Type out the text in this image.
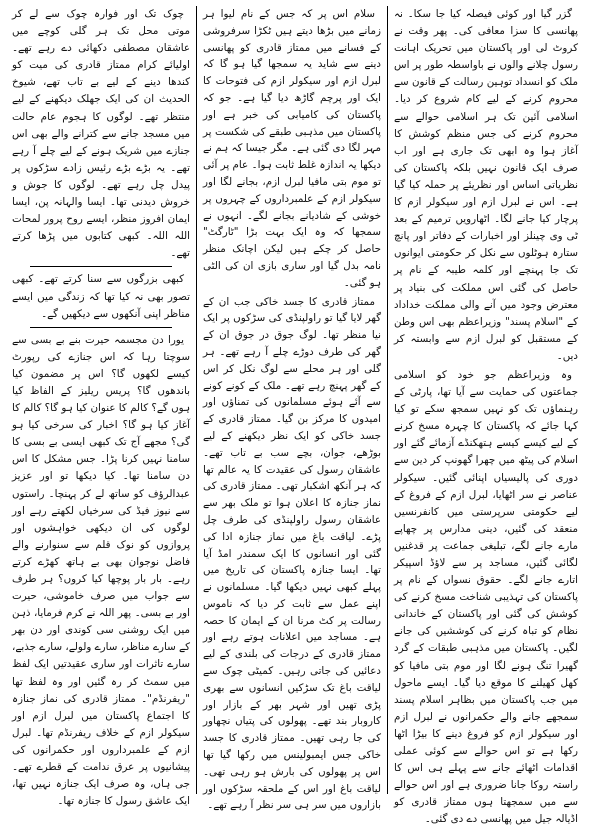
گزر گیا اور کوئی فیصلہ کیا جا سکا۔ نہ پھانسی کا سزا معافی کی۔ پھر وقت نے کروٹ لی اور پاکستان میں تحریک اہانت رسول چلانے والوں نے باواسطہ طور پر اس ملک کو انسداد توہین رسالت کے قانون سے محروم کرنے کے لیے کام شروع کر دیا۔ اسلامی آئین تک ہر اسلامی حوالے سے محروم کرنے کی جس منظم کوشش کا آغاز ہوا وہ ابھی تک جاری ہے اور اب صرف ایک قانون نہیں بلکہ پاکستان کی نظریاتی اساس اور نظریئے پر حملہ کیا گیا ہے۔ اس نے لبرل ازم اور سیکولر ازم کا پرچار کیا جانے لگا۔ اٹھارویں ترمیم کے بعد ٹی وی چینلز اور اخبارات کے دفاتر اور پانچ ستارہ ہوٹلوں سے نکل کر حکومتی ایوانوں تک جا پہنچے اور کلمہ طیبہ کے نام پر حاصل کی گئی اس مملکت کی بنیاد پر معترض وجود میں آنے والی مملکت خداداد کے "اسلام پسند" وزیراعظم بھی اس وطن کے مستقبل کو لبرل ازم سے وابستہ کر دیں۔

وہ وزیراعظم جو خود کو اسلامی جماعتوں کی حمایت سے آیا تھا، پارٹی کے رہنماؤں تک کو نہیں سمجھ سکے تو کیا کہا جائے کہ پاکستان کا چہرہ مسخ کرنے کے لیے کیسے کیسے ہتھکنڈے آزمائے گئے اور اسلام کی پیٹھ میں چھرا گھونپ کر دین سے دوری کی پالیسیاں اپنائی گئیں۔ سیکولر عناصر نے سر اٹھایا، لبرل ازم کے فروغ کے لیے حکومتی سرپرستی میں کانفرنسیں منعقد کی گئیں، دینی مدارس پر چھاپے مارے جانے لگے، تبلیغی جماعت پر قدغنیں لگائی گئیں، مساجد پر سے لاؤڈ اسپیکر اتارے جانے لگے۔ حقوق نسواں کے نام پر پاکستان کی تہذیبی شناخت مسخ کرنے کی کوشش کی گئی اور پاکستان کے خاندانی نظام کو تباہ کرنے کی کوششیں کی جانے لگیں۔ پاکستان میں مذہبی طبقات کے گرد گھیرا تنگ ہونے لگا اور موم بتی مافیا کو کھل کھیلنے کا موقع دیا گیا۔ ایسے ماحول میں جب پاکستان میں بظاہر اسلام پسند سمجھے جانے والے حکمرانوں نے لبرل ازم اور سیکولر ازم کو فروغ دینے کا بیڑا اٹھا رکھا ہے تو اس حوالے سے کوئی عملی اقدامات اٹھائے جانے سے پہلے ہی اس کا راستہ روکا جانا ضروری ہے اور اس حوالے سے میں سمجھتا ہوں ممتاز قادری کو اڈیالہ جیل میں پھانسی دے دی گئی۔

سلام اس پر کہ جس کے نام لیوا ہر زمانے میں بڑھا دیتے ہیں ٹکڑا سرفروشی کے فسانے میں ممتاز قادری کو پھانسی دینے سے شاید یہ سمجھا گیا ہو گا کہ لبرل ازم اور سیکولر ازم کی فتوحات کا ایک اور پرچم گاڑھ دیا گیا ہے۔ جو کہ پاکستان کی کامیابی کی خبر ہے اور پاکستان میں مذہبی طبقے کی شکست پر مہر لگا دی گئی ہے۔ مگر جیسا کہ ہم نے دیکھا یہ اندازہ غلط ثابت ہوا۔ عام پر آئی تو موم بتی مافیا لبرل ازم، بجانے لگا اور سیکولر ازم کے علمبرداروں کے چہروں پر خوشی کے شادیانے بجانے لگے۔ انہوں نے سمجھا کہ وہ ایک بہت بڑا "ٹارگٹ" حاصل کر چکے ہیں لیکن اچانک منظر نامہ بدل گیا اور ساری بازی ان کی الٹی ہو گئی۔

ممتاز قادری کا جسد خاکی جب ان کے گھر لایا گیا تو راولپنڈی کی سڑکوں پر ایک نیا منظر تھا۔ لوگ جوق در جوق ان کے گھر کی طرف دوڑے چلے آ رہے تھے۔ ہر گلی اور ہر محلے سے لوگ نکل کر اس کے گھر پہنچ رہے تھے۔ ملک کے کونے کونے سے آئے ہوئے مسلمانوں کی تمناؤں اور امیدوں کا مرکز بن گیا۔ ممتاز قادری کے جسد خاکی کو ایک نظر دیکھنے کے لیے بوڑھے، جوان، بچے سب بے تاب تھے۔ عاشقان رسول کی عقیدت کا یہ عالم تھا کہ ہر آنکھ اشکبار تھی۔ ممتاز قادری کی نماز جنازہ کا اعلان ہوا تو ملک بھر سے عاشقان رسول راولپنڈی کی طرف چل پڑے۔ لیاقت باغ میں نماز جنازہ ادا کی گئی اور انسانوں کا ایک سمندر امڈ آیا تھا۔ ایسا جنازہ پاکستان کی تاریخ میں پہلے کبھی نہیں دیکھا گیا۔ مسلمانوں نے اپنے عمل سے ثابت کر دیا کہ ناموس رسالت پر کٹ مرنا ان کے ایمان کا حصہ ہے۔ مساجد میں اعلانات ہوتے رہے اور ممتاز قادری کے درجات کی بلندی کے لیے دعائیں کی جاتی رہیں۔ کمیٹی چوک سے لیاقت باغ تک سڑکیں انسانوں سے بھری پڑی تھیں اور شہر بھر کے بازار اور کاروبار بند تھے۔ پھولوں کی پتیاں نچھاور کی جا رہی تھیں۔ ممتاز قادری کا جسد خاکی جس ایمبولینس میں رکھا گیا تھا اس پر پھولوں کی بارش ہو رہی تھی۔ لیاقت باغ اور اس کے ملحقہ سڑکوں اور بازاروں میں سر ہی سر نظر آ رہے تھے۔

چوک تک اور فوارہ چوک سے لے کر موتی محل تک ہر گلی کوچے میں عاشقان مصطفی دکھائی دے رہے تھے۔ اولیائے کرام ممتاز قادری کی میت کو کندھا دینے کے لیے بے تاب تھے، شیوخ الحدیث ان کی ایک جھلک دیکھنے کے لیے منتظر تھے۔ لوگوں کا ہجوم عام حالت میں مسجد جانے سے کترانے والے بھی اس جنازے میں شریک ہونے کے لیے چلے آ رہے تھے۔ یہ بڑے بڑے رئیس زادے سڑکوں پر پیدل چل رہے تھے۔ لوگوں کا جوش و خروش دیدنی تھا۔ ایسا والہانہ پن، ایسا ایمان افروز منظر، ایسے روح پرور لمحات اللہ اللہ۔ کبھی کتابوں میں پڑھا کرتے تھے۔

کبھی بزرگوں سے سنا کرتے تھے۔ کبھی تصور بھی نہ کیا تھا کہ زندگی میں ایسے مناظر اپنی آنکھوں سے دیکھیں گے۔

یورا دن مجسمہ حیرت بنے بے بسی سے سوچتا رہا کہ اس جنازے کی رپورٹ کیسے لکھوں گا؟ اس پر مضمون کیا باندھوں گا؟ پریس ریلیز کے الفاظ کیا ہوں گے؟ کالم کا عنوان کیا ہو گا؟ کالم کا آغاز کیا ہو گا؟ اخبار کی سرخی کیا ہو گی؟ مجھے آج تک کبھی ایسی بے بسی کا سامنا نہیں کرنا پڑا۔ جس مشکل کا اس دن سامنا تھا۔ کیا دیکھا تو اور عزیز عبدالرؤف کو ساتھ لے کر پہنچا۔ راستوں سے نیوز فیڈ کی سرخیاں لکھتے رہے اور لوگوں کی ان دیکھی خواہشوں اور پروازوں کو نوک قلم سے سنوارنے والے فاضل نوجوان بھی بے ہاتھ کھڑے کرتے رہے۔ بار بار پوچھا کیا کروں؟ ہر طرف سے جواب میں صرف خاموشی، حیرت اور بے بسی۔ پھر اللہ نے کرم فرمایا، ذہن میں ایک روشنی سی کوندی اور دن بھر کے سارے مناظر، سارے ولولے، سارے جذبے، سارے تاثرات اور ساری عقیدتیں ایک لفظ میں سمٹ کر رہ گئیں اور وہ لفظ تھا "ریفرنڈم"۔ ممتاز قادری کی نماز جنازہ کا اجتماع پاکستان میں لبرل ازم اور سیکولر ازم کے خلاف ریفرنڈم تھا۔ لبرل ازم کے علمبرداروں اور حکمرانوں کی پیشانیوں پر عرق ندامت کے قطرے تھے۔ جی ہاں، وہ صرف ایک جنازہ نہیں تھا، ایک عاشق رسول کا جنازہ تھا۔
